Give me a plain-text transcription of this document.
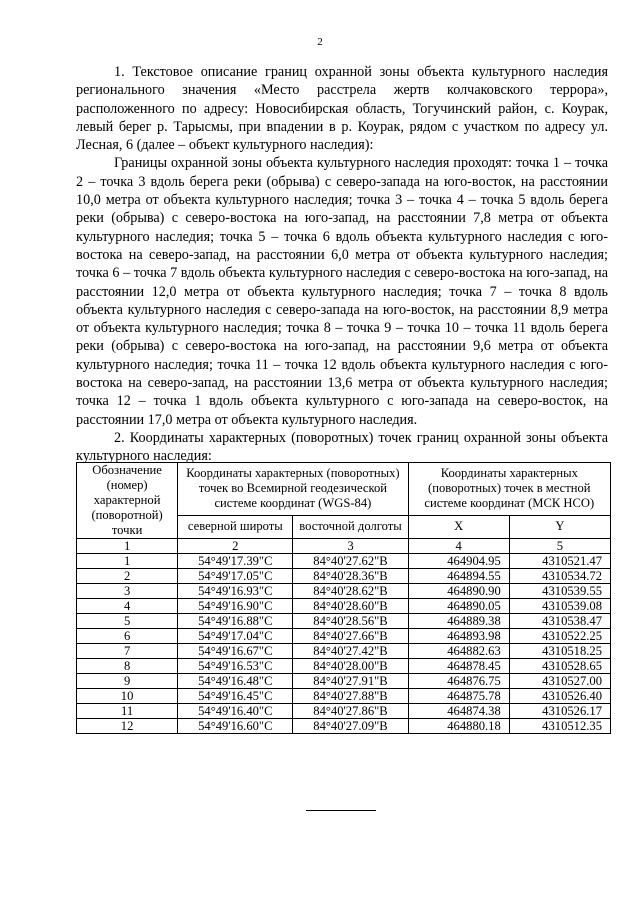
2

1. Текстовое описание границ охранной зоны объекта культурного наследия регионального значения «Место расстрела жертв колчаковского террора», расположенного по адресу: Новосибирская область, Тогучинский район, с. Коурак, левый берег р. Тарысмы, при впадении в р. Коурак, рядом с участком по адресу ул. Лесная, 6 (далее – объект культурного наследия):

Границы охранной зоны объекта культурного наследия проходят: точка 1 – точка 2 – точка 3 вдоль берега реки (обрыва) с северо-запада на юго-восток, на расстоянии 10,0 метра от объекта культурного наследия; точка 3 – точка 4 – точка 5 вдоль берега реки (обрыва) с северо-востока на юго-запад, на расстоянии 7,8 метра от объекта культурного наследия; точка 5 – точка 6 вдоль объекта культурного наследия с юго-востока на северо-запад, на расстоянии 6,0 метра от объекта культурного наследия; точка 6 – точка 7 вдоль объекта культурного наследия с северо-востока на юго-запад, на расстоянии 12,0 метра от объекта культурного наследия; точка 7 – точка 8 вдоль объекта культурного наследия с северо-запада на юго-восток, на расстоянии 8,9 метра от объекта культурного наследия; точка 8 – точка 9 – точка 10 – точка 11 вдоль берега реки (обрыва) с северо-востока на юго-запад, на расстоянии 9,6 метра от объекта культурного наследия; точка 11 – точка 12 вдоль объекта культурного наследия с юго-востока на северо-запад, на расстоянии 13,6 метра от объекта культурного наследия; точка 12 – точка 1 вдоль объекта культурного с юго-запада на северо-восток, на расстоянии 17,0 метра от объекта культурного наследия.

2. Координаты характерных (поворотных) точек границ охранной зоны объекта культурного наследия:

Обозначение (номер) характерной (поворотной) точки	Координаты характерных (поворотных) точек во Всемирной геодезической системе координат (WGS-84)		Координаты характерных (поворотных) точек в местной системе координат (МСК НСО)	
	северной широты	восточной долготы	X	Y
1	2	3	4	5
1	54°49'17.39"С	84°40'27.62"В	464904.95	4310521.47
2	54°49'17.05"С	84°40'28.36"В	464894.55	4310534.72
3	54°49'16.93"С	84°40'28.62"В	464890.90	4310539.55
4	54°49'16.90"С	84°40'28.60"В	464890.05	4310539.08
5	54°49'16.88"С	84°40'28.56"В	464889.38	4310538.47
6	54°49'17.04"С	84°40'27.66"В	464893.98	4310522.25
7	54°49'16.67"С	84°40'27.42"В	464882.63	4310518.25
8	54°49'16.53"С	84°40'28.00"В	464878.45	4310528.65
9	54°49'16.48"С	84°40'27.91"В	464876.75	4310527.00
10	54°49'16.45"С	84°40'27.88"В	464875.78	4310526.40
11	54°49'16.40"С	84°40'27.86"В	464874.38	4310526.17
12	54°49'16.60"С	84°40'27.09"В	464880.18	4310512.35
